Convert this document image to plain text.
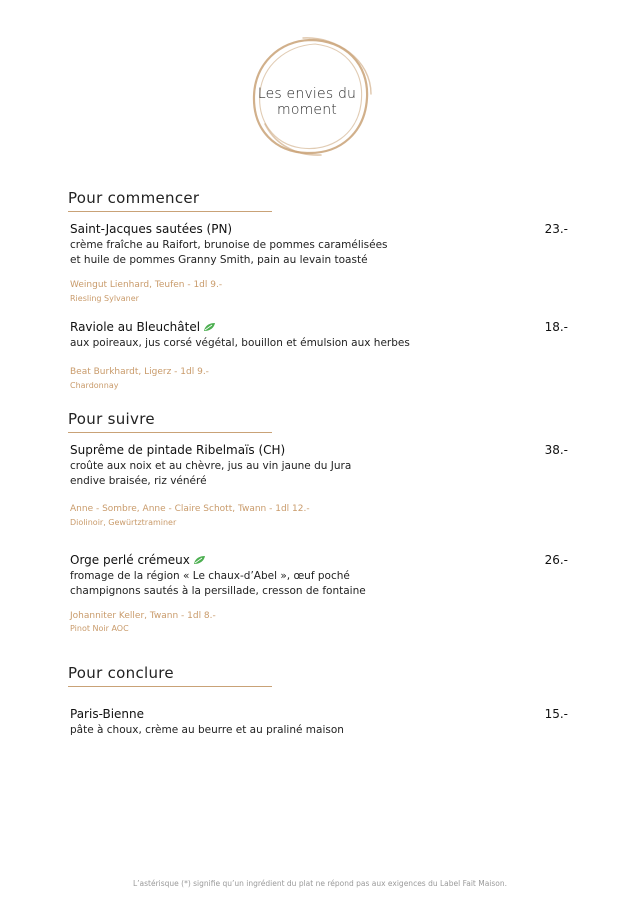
Les envies du moment
Pour commencer
Saint-Jacques sautées (PN)	23.-
crème fraîche au Raifort, brunoise de pommes caramélisées
et huile de pommes Granny Smith, pain au levain toasté
Weingut Lienhard, Teufen - 1dl 9.-
Riesling Sylvaner
Raviole au Bleuchâtel	18.-
aux poireaux, jus corsé végétal, bouillon et émulsion aux herbes
Beat Burkhardt, Ligerz - 1dl 9.-
Chardonnay
Pour suivre
Suprême de pintade Ribelmaïs (CH)	38.-
croûte aux noix et au chèvre, jus au vin jaune du Jura
endive braisée, riz vénéré
Anne - Sombre, Anne - Claire Schott, Twann - 1dl 12.-
Diolinoir, Gewürtztraminer
Orge perlé crémeux	26.-
fromage de la région « Le chaux-d’Abel », œuf poché
champignons sautés à la persillade, cresson de fontaine
Johanniter Keller, Twann - 1dl 8.-
Pinot Noir AOC
Pour conclure
Paris-Bienne	15.-
pâte à choux, crème au beurre et au praliné maison
L’astérisque (*) signifie qu’un ingrédient du plat ne répond pas aux exigences du Label Fait Maison.
